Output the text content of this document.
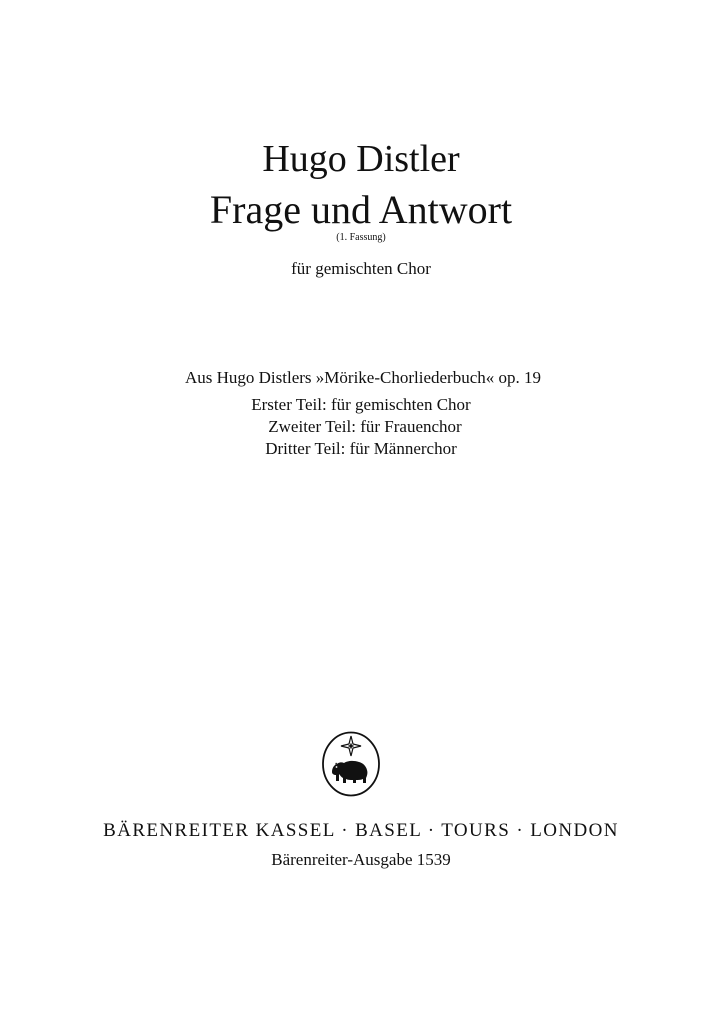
Hugo Distler
Frage und Antwort
(1. Fassung)
für gemischten Chor
Aus Hugo Distlers »Mörike-Chorliederbuch« op. 19
Erster Teil: für gemischten Chor
Zweiter Teil: für Frauenchor
Dritter Teil: für Männerchor
BÄRENREITER KASSEL · BASEL · TOURS · LONDON
Bärenreiter-Ausgabe 1539
